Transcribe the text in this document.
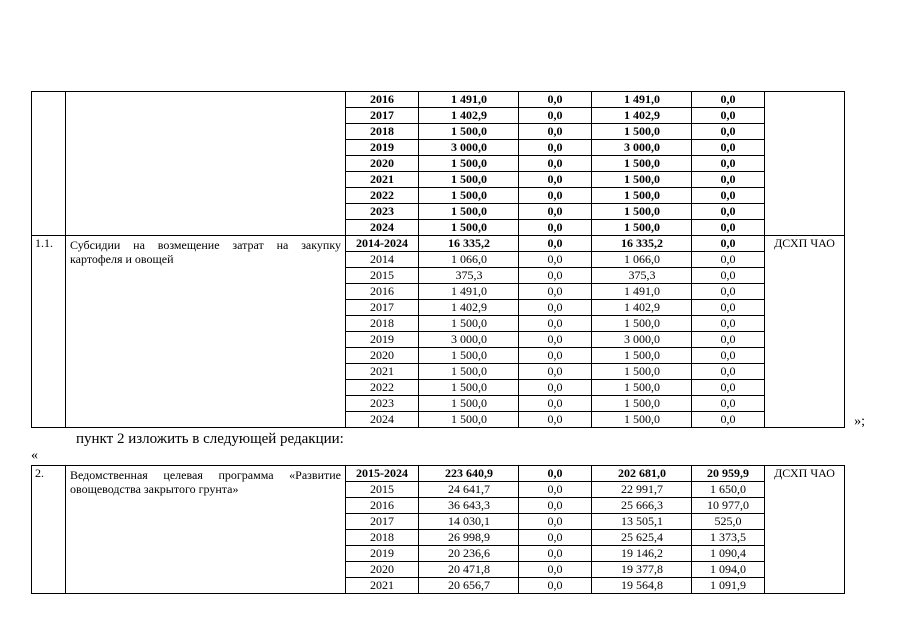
		2016	1 491,0	0,0	1 491,0	0,0	
		2017	1 402,9	0,0	1 402,9	0,0	
		2018	1 500,0	0,0	1 500,0	0,0	
		2019	3 000,0	0,0	3 000,0	0,0	
		2020	1 500,0	0,0	1 500,0	0,0	
		2021	1 500,0	0,0	1 500,0	0,0	
		2022	1 500,0	0,0	1 500,0	0,0	
		2023	1 500,0	0,0	1 500,0	0,0	
		2024	1 500,0	0,0	1 500,0	0,0	
1.1.	Субсидии на возмещение затрат на закупку картофеля и овощей	2014-2024	16 335,2	0,0	16 335,2	0,0	ДСХП ЧАО
		2014	1 066,0	0,0	1 066,0	0,0	
		2015	375,3	0,0	375,3	0,0	
		2016	1 491,0	0,0	1 491,0	0,0	
		2017	1 402,9	0,0	1 402,9	0,0	
		2018	1 500,0	0,0	1 500,0	0,0	
		2019	3 000,0	0,0	3 000,0	0,0	
		2020	1 500,0	0,0	1 500,0	0,0	
		2021	1 500,0	0,0	1 500,0	0,0	
		2022	1 500,0	0,0	1 500,0	0,0	
		2023	1 500,0	0,0	1 500,0	0,0	
		2024	1 500,0	0,0	1 500,0	0,0		»;
пункт 2 изложить в следующей редакции:
«
2.	Ведомственная целевая программа «Развитие овощеводства закрытого грунта»	2015-2024	223 640,9	0,0	202 681,0	20 959,9	ДСХП ЧАО
		2015	24 641,7	0,0	22 991,7	1 650,0	
		2016	36 643,3	0,0	25 666,3	10 977,0	
		2017	14 030,1	0,0	13 505,1	525,0	
		2018	26 998,9	0,0	25 625,4	1 373,5	
		2019	20 236,6	0,0	19 146,2	1 090,4	
		2020	20 471,8	0,0	19 377,8	1 094,0	
		2021	20 656,7	0,0	19 564,8	1 091,9	
